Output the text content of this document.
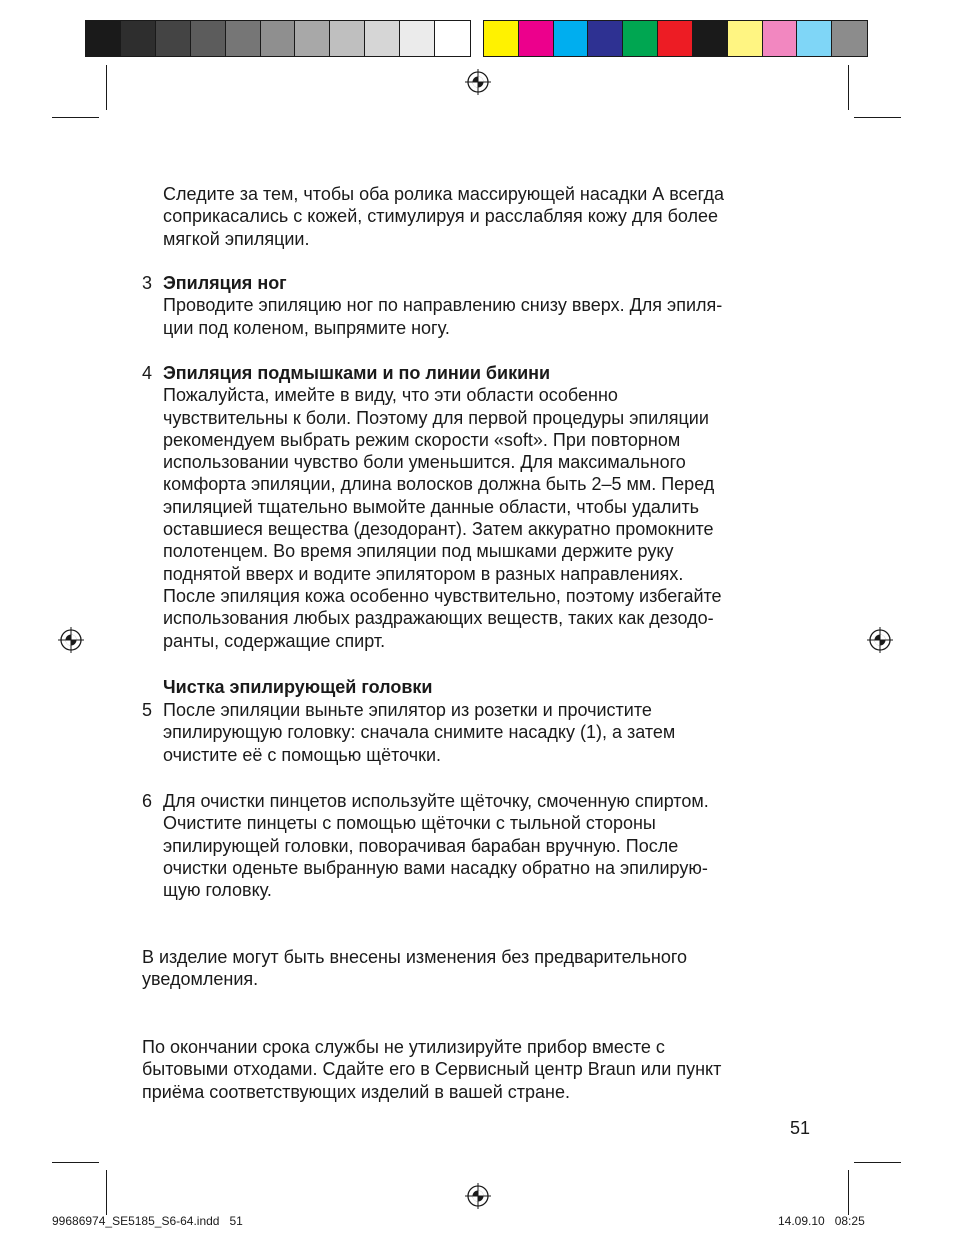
Следите за тем, чтобы оба ролика массирующей насадки А всегда
соприкасались с кожей, стимулируя и расслабляя кожу для более
мягкой эпиляции.
3 Эпиляция ног
Проводите эпиляцию ног по направлению снизу вверх. Для эпиля-
ции под коленом, выпрямите ногу.
4 Эпиляция подмышками и по линии бикини
Пожалуйста, имейте в виду, что эти области особенно
чувствительны к боли. Поэтому для первой процедуры эпиляции
рекомендуем выбрать режим скорости «soft». При повторном
использовании чувство боли уменьшится. Для максимального
комфорта эпиляции, длина волосков должна быть 2–5 мм. Перед
эпиляцией тщательно вымойте данные области, чтобы удалить
оставшиеся вещества (дезодорант). Затем аккуратно промокните
полотенцем. Во время эпиляции под мышками держите руку
поднятой вверх и водите эпилятором в разных направлениях.
После эпиляция кожа особенно чувствительно, поэтому избегайте
использования любых раздражающих веществ, таких как дезодо-
ранты, содержащие спирт.
Чистка эпилирующей головки
5 После эпиляции выньте эпилятор из розетки и прочистите
эпилирующую головку: сначала снимите насадку (1), а затем
очистите её с помощью щёточки.
6 Для очистки пинцетов используйте щёточку, смоченную спиртом.
Очистите пинцеты с помощью щёточки с тыльной стороны
эпилирующей головки, поворачивая барабан вручную. После
очистки оденьте выбранную вами насадку обратно на эпилирую-
щую головку.
В изделие могут быть внесены изменения без предварительного
уведомления.
По окончании срока службы не утилизируйте прибор вместе с
бытовыми отходами. Сдайте его в Сервисный центр Braun или пункт
приёма соответствующих изделий в вашей стране.
51
99686974_SE5185_S6-64.indd   51	14.09.10   08:25
